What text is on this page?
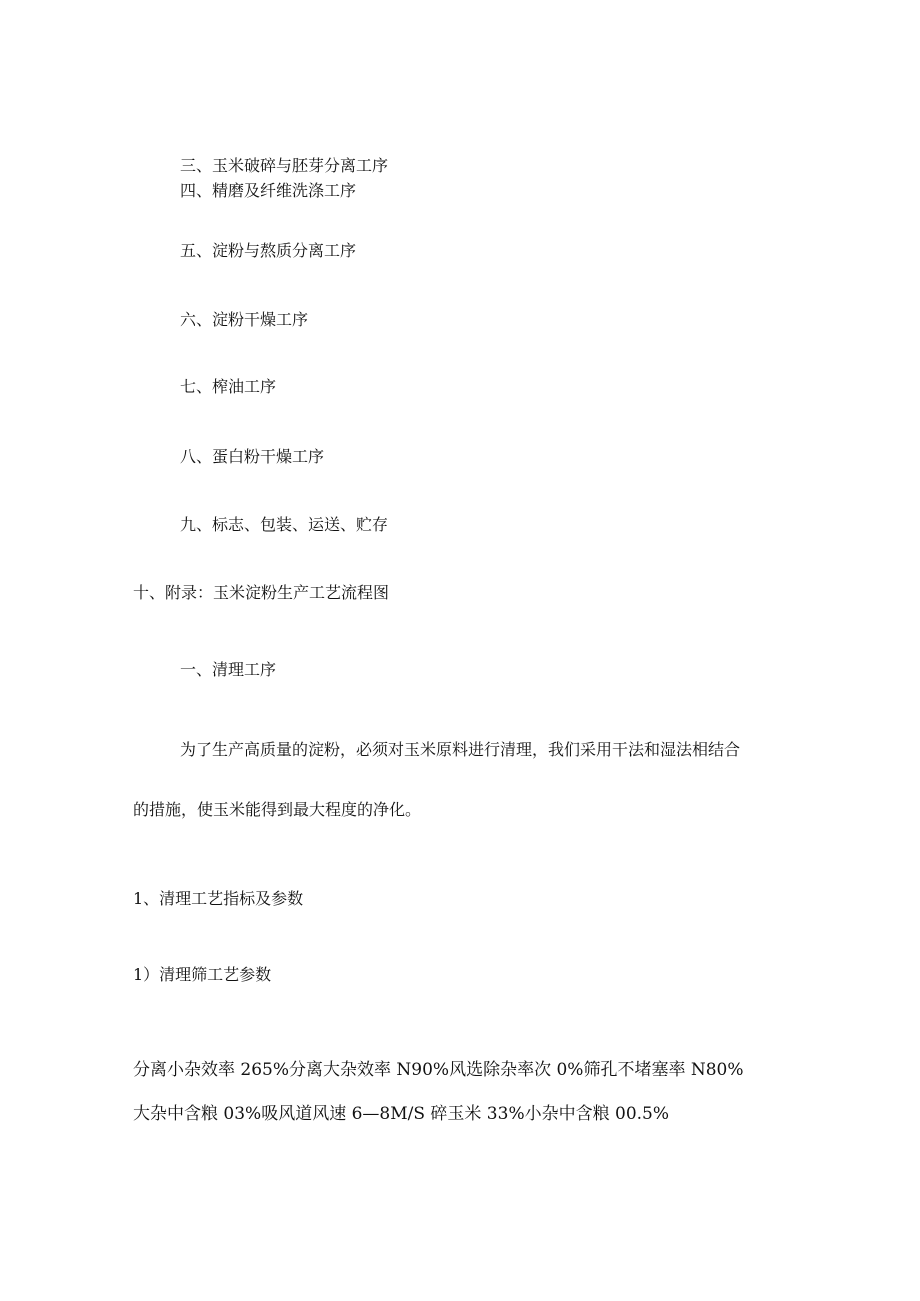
三、玉米破碎与胚芽分离工序

四、精磨及纤维洗涤工序

五、淀粉与熬质分离工序

六、淀粉干燥工序

七、榨油工序

八、蛋白粉干燥工序

九、标志、包装、运送、贮存

十、附录：玉米淀粉生产工艺流程图

一、清理工序

为了生产高质量的淀粉，必须对玉米原料进行清理，我们采用干法和湿法相结合

的措施，使玉米能得到最大程度的净化。

1、清理工艺指标及参数

1）清理筛工艺参数

分离小杂效率 265%分离大杂效率 N90%风选除杂率次 0%筛孔不堵塞率 N80%

大杂中含粮 03%吸风道风速 6—8M/S 碎玉米 33%小杂中含粮 00.5%
